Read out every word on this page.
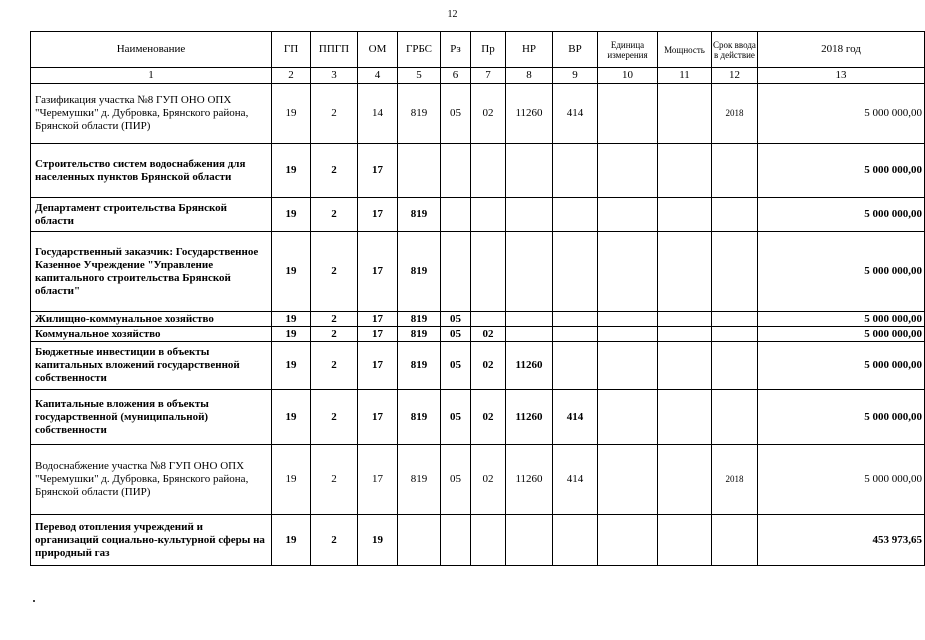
12
Наименование	ГП	ППГП	ОМ	ГРБС	Рз	Пр	НР	ВР	Единица измерения	Мощность	Срок ввода в действие	2018 год
1	2	3	4	5	6	7	8	9	10	11	12	13
Газификация участка №8 ГУП ОНО ОПХ "Черемушки" д. Дубровка, Брянского района, Брянской области (ПИР)	19	2	14	819	05	02	11260	414			2018	5 000 000,00
Строительство систем водоснабжения для населенных пунктов Брянской области	19	2	17									5 000 000,00
Департамент строительства Брянской области	19	2	17	819								5 000 000,00
Государственный заказчик: Государственное Казенное Учреждение "Управление капитального строительства Брянской области"	19	2	17	819								5 000 000,00
Жилищно-коммунальное хозяйство	19	2	17	819	05							5 000 000,00
Коммунальное хозяйство	19	2	17	819	05	02						5 000 000,00
Бюджетные инвестиции в объекты капитальных вложений государственной собственности	19	2	17	819	05	02	11260					5 000 000,00
Капитальные вложения в объекты государственной (муниципальной) собственности	19	2	17	819	05	02	11260	414				5 000 000,00
Водоснабжение участка №8 ГУП ОНО ОПХ "Черемушки" д. Дубровка, Брянского района, Брянской области (ПИР)	19	2	17	819	05	02	11260	414			2018	5 000 000,00
Перевод отопления учреждений и организаций социально-культурной сферы на природный газ	19	2	19									453 973,65
